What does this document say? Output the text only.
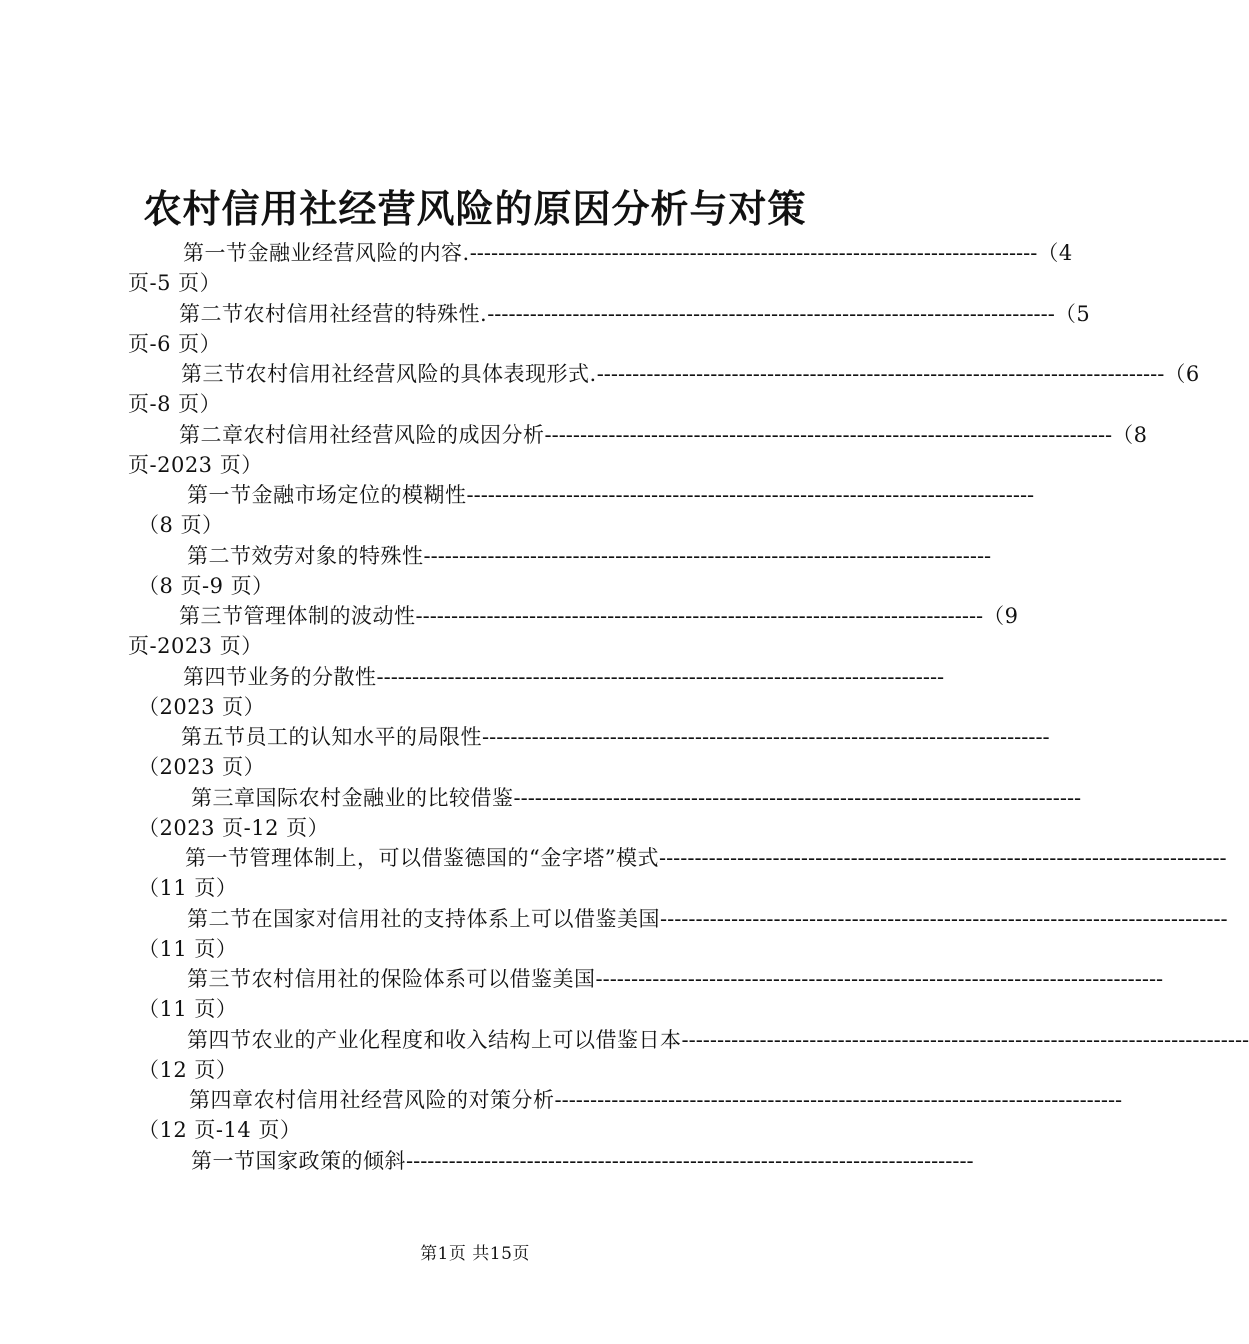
农村信用社经营风险的原因分析与对策
第一节金融业经营风险的内容. -------------------------------------------------------------------------------- （4
页-5 页）
第二节农村信用社经营的特殊性. -------------------------------------------------------------------------------- （5
页-6 页）
第三节农村信用社经营风险的具体表现形式. -------------------------------------------------------------------------------- （6
页-8 页）
第二章农村信用社经营风险的成因分析 -------------------------------------------------------------------------------- （8
页-2023 页）
第一节金融市场定位的模糊性 --------------------------------------------------------------------------------
（8 页）
第二节效劳对象的特殊性 --------------------------------------------------------------------------------
（8 页-9 页）
第三节管理体制的波动性 -------------------------------------------------------------------------------- （9
页-2023 页）
第四节业务的分散性 --------------------------------------------------------------------------------
（2023 页）
第五节员工的认知水平的局限性 --------------------------------------------------------------------------------
（2023 页）
第三章国际农村金融业的比较借鉴 --------------------------------------------------------------------------------
（2023 页-12 页）
第一节管理体制上，可以借鉴德国的“金字塔”模式 --------------------------------------------------------------------------------
（11 页）
第二节在国家对信用社的支持体系上可以借鉴美国 --------------------------------------------------------------------------------
（11 页）
第三节农村信用社的保险体系可以借鉴美国 --------------------------------------------------------------------------------
（11 页）
第四节农业的产业化程度和收入结构上可以借鉴日本 --------------------------------------------------------------------------------
（12 页）
第四章农村信用社经营风险的对策分析 --------------------------------------------------------------------------------
（12 页-14 页）
第一节国家政策的倾斜 --------------------------------------------------------------------------------
第1页 共15页
